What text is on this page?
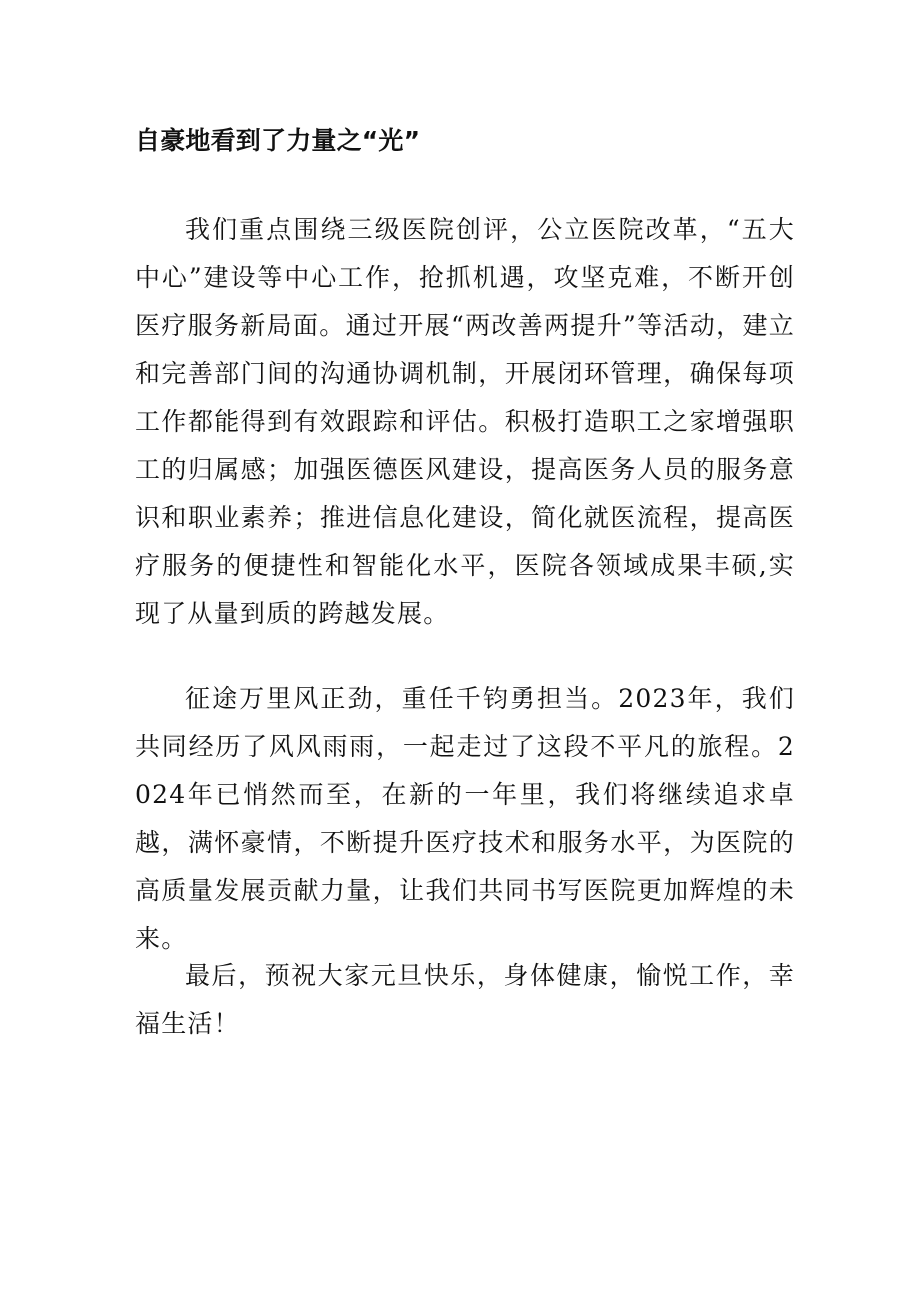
自豪地看到了力量之“光”

我们重点围绕三级医院创评，公立医院改革，“五大中心”建设等中心工作，抢抓机遇，攻坚克难，不断开创医疗服务新局面。通过开展“两改善两提升”等活动，建立和完善部门间的沟通协调机制，开展闭环管理，确保每项工作都能得到有效跟踪和评估。积极打造职工之家增强职工的归属感；加强医德医风建设，提高医务人员的服务意识和职业素养；推进信息化建设，简化就医流程，提高医疗服务的便捷性和智能化水平，医院各领域成果丰硕,实现了从量到质的跨越发展。

征途万里风正劲，重任千钧勇担当。2023年，我们共同经历了风风雨雨，一起走过了这段不平凡的旅程。2024年已悄然而至，在新的一年里，我们将继续追求卓越，满怀豪情，不断提升医疗技术和服务水平，为医院的高质量发展贡献力量，让我们共同书写医院更加辉煌的未来。

最后，预祝大家元旦快乐，身体健康，愉悦工作，幸福生活！
